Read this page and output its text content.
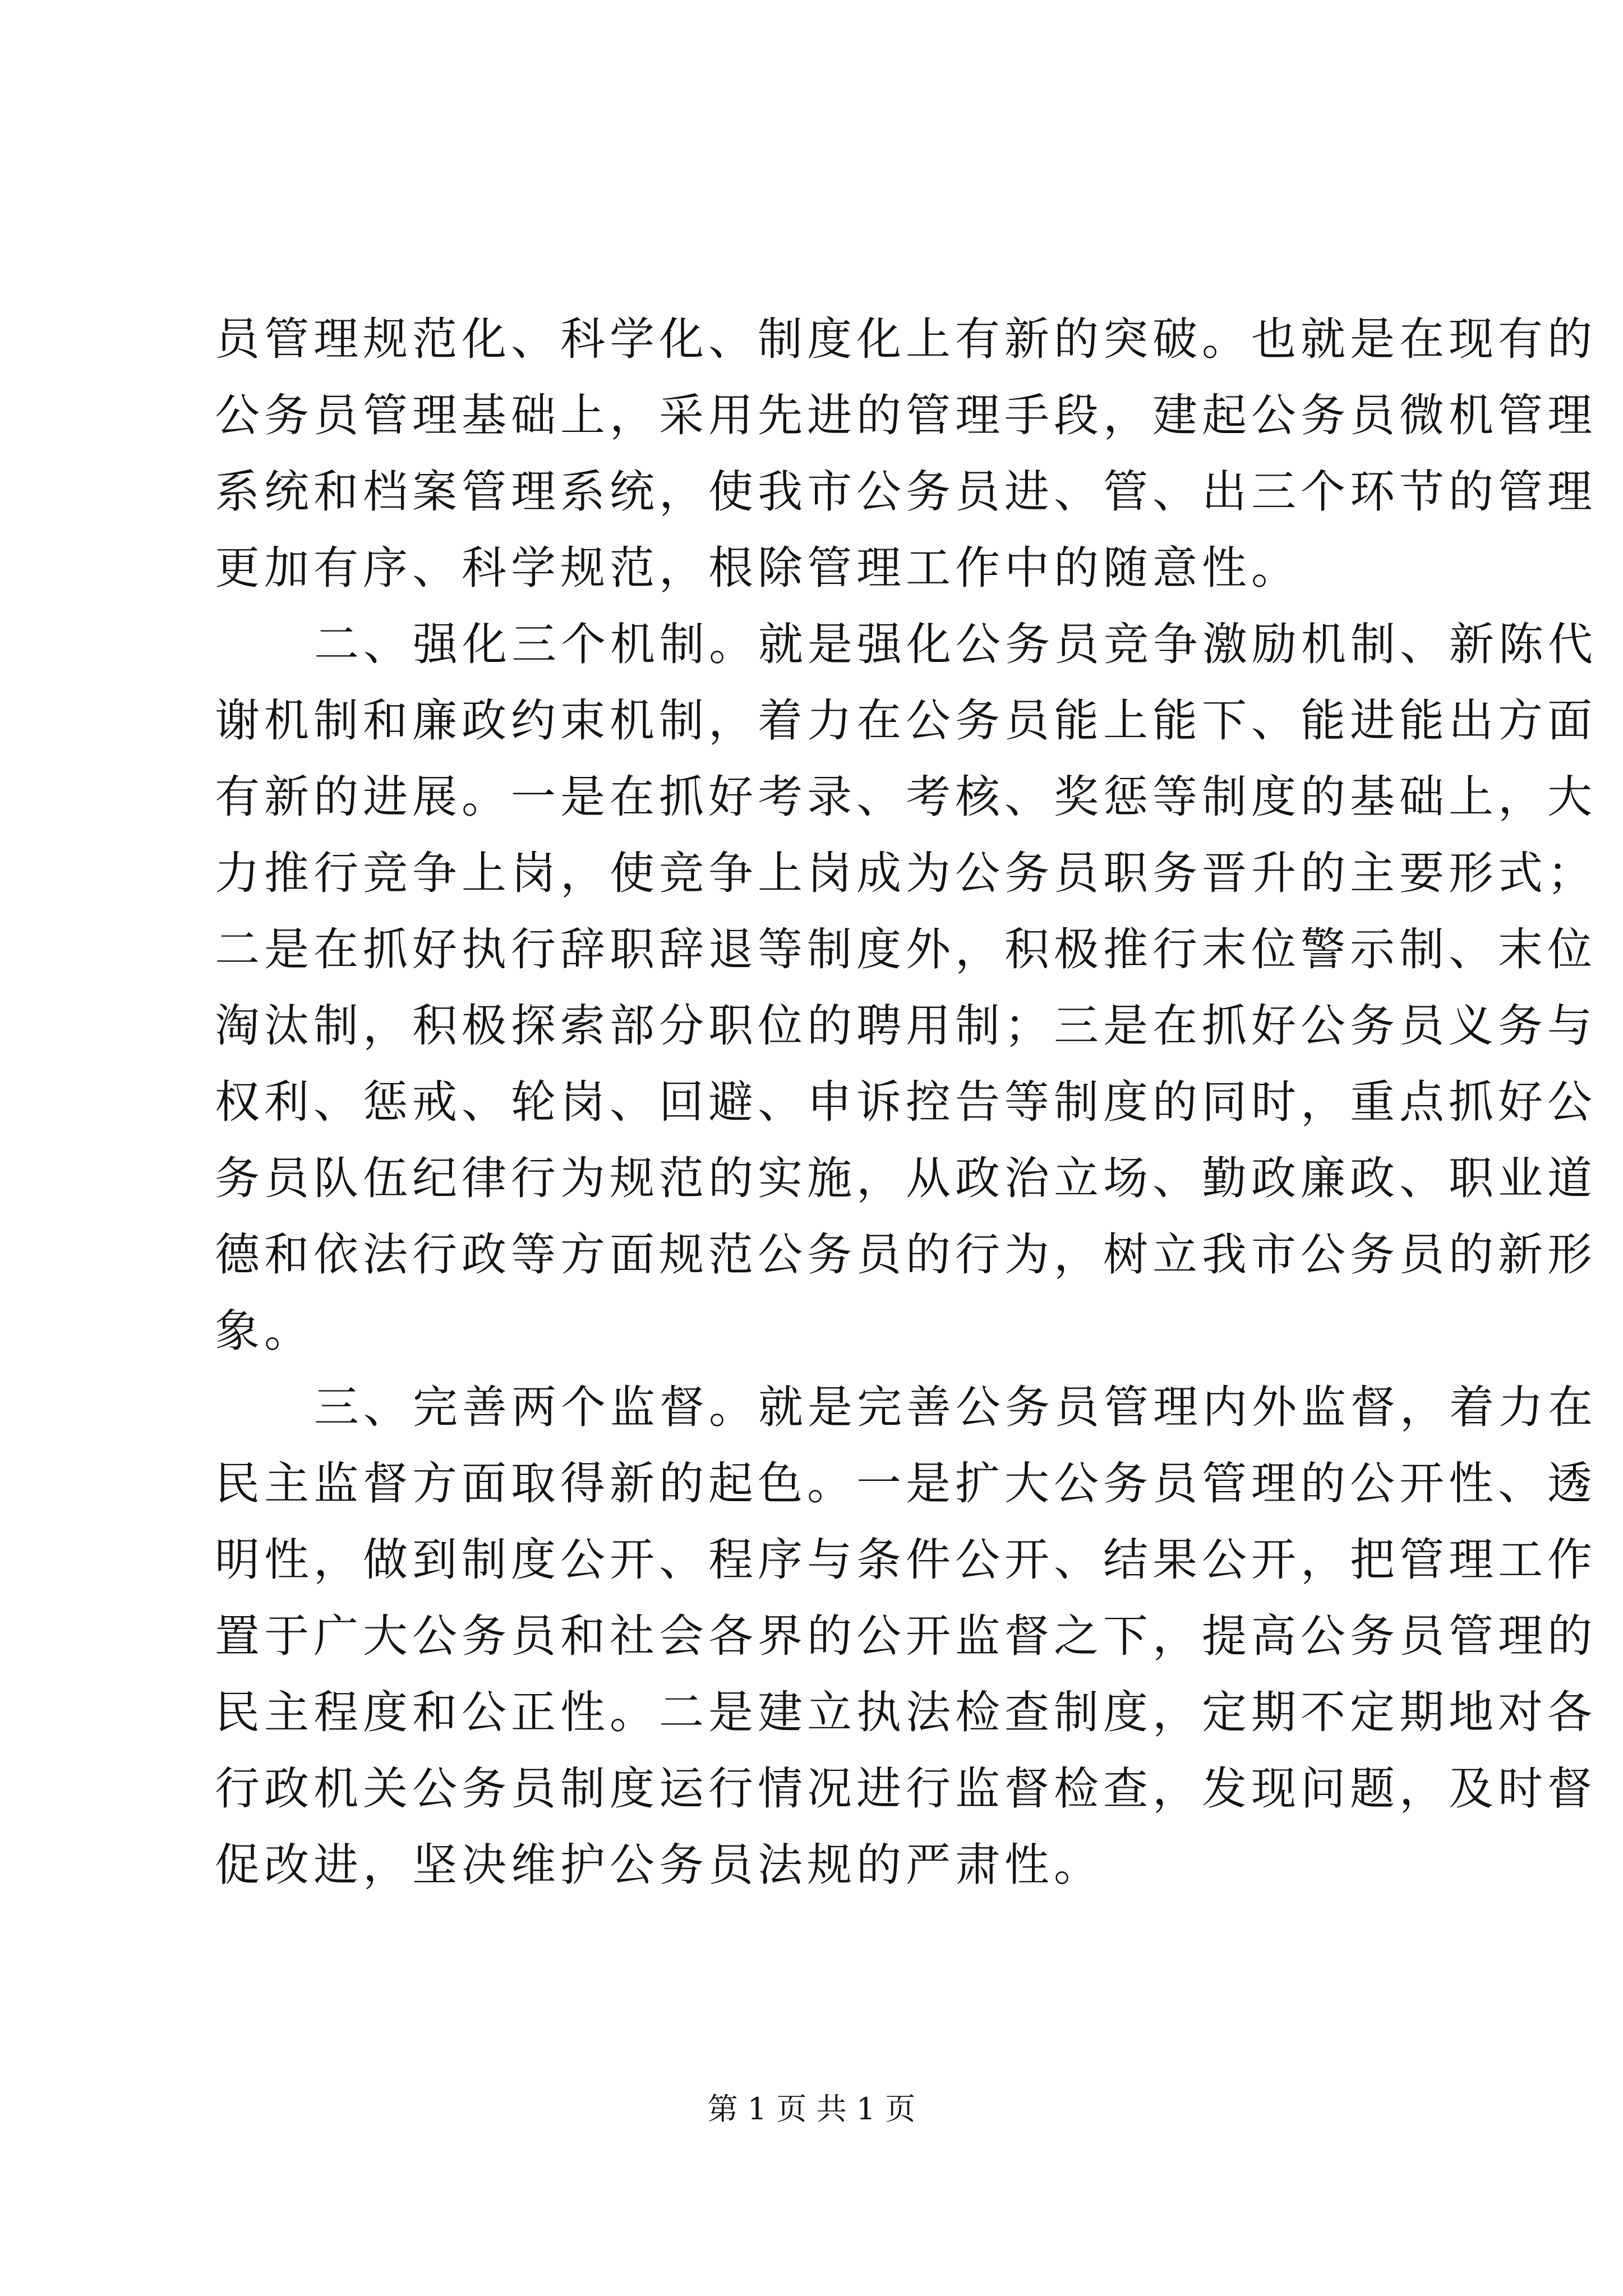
员管理规范化、科学化、制度化上有新的突破。也就是在现有的
公务员管理基础上，采用先进的管理手段，建起公务员微机管理
系统和档案管理系统，使我市公务员进、管、出三个环节的管理
更加有序、科学规范，根除管理工作中的随意性。
二、强化三个机制。就是强化公务员竞争激励机制、新陈代
谢机制和廉政约束机制，着力在公务员能上能下、能进能出方面
有新的进展。一是在抓好考录、考核、奖惩等制度的基础上，大
力推行竞争上岗，使竞争上岗成为公务员职务晋升的主要形式；
二是在抓好执行辞职辞退等制度外，积极推行末位警示制、末位
淘汰制，积极探索部分职位的聘用制；三是在抓好公务员义务与
权利、惩戒、轮岗、回避、申诉控告等制度的同时，重点抓好公
务员队伍纪律行为规范的实施，从政治立场、勤政廉政、职业道
德和依法行政等方面规范公务员的行为，树立我市公务员的新形
象。
三、完善两个监督。就是完善公务员管理内外监督，着力在
民主监督方面取得新的起色。一是扩大公务员管理的公开性、透
明性，做到制度公开、程序与条件公开、结果公开，把管理工作
置于广大公务员和社会各界的公开监督之下，提高公务员管理的
民主程度和公正性。二是建立执法检查制度，定期不定期地对各
行政机关公务员制度运行情况进行监督检查，发现问题，及时督
促改进，坚决维护公务员法规的严肃性。
第 1 页 共 1 页
